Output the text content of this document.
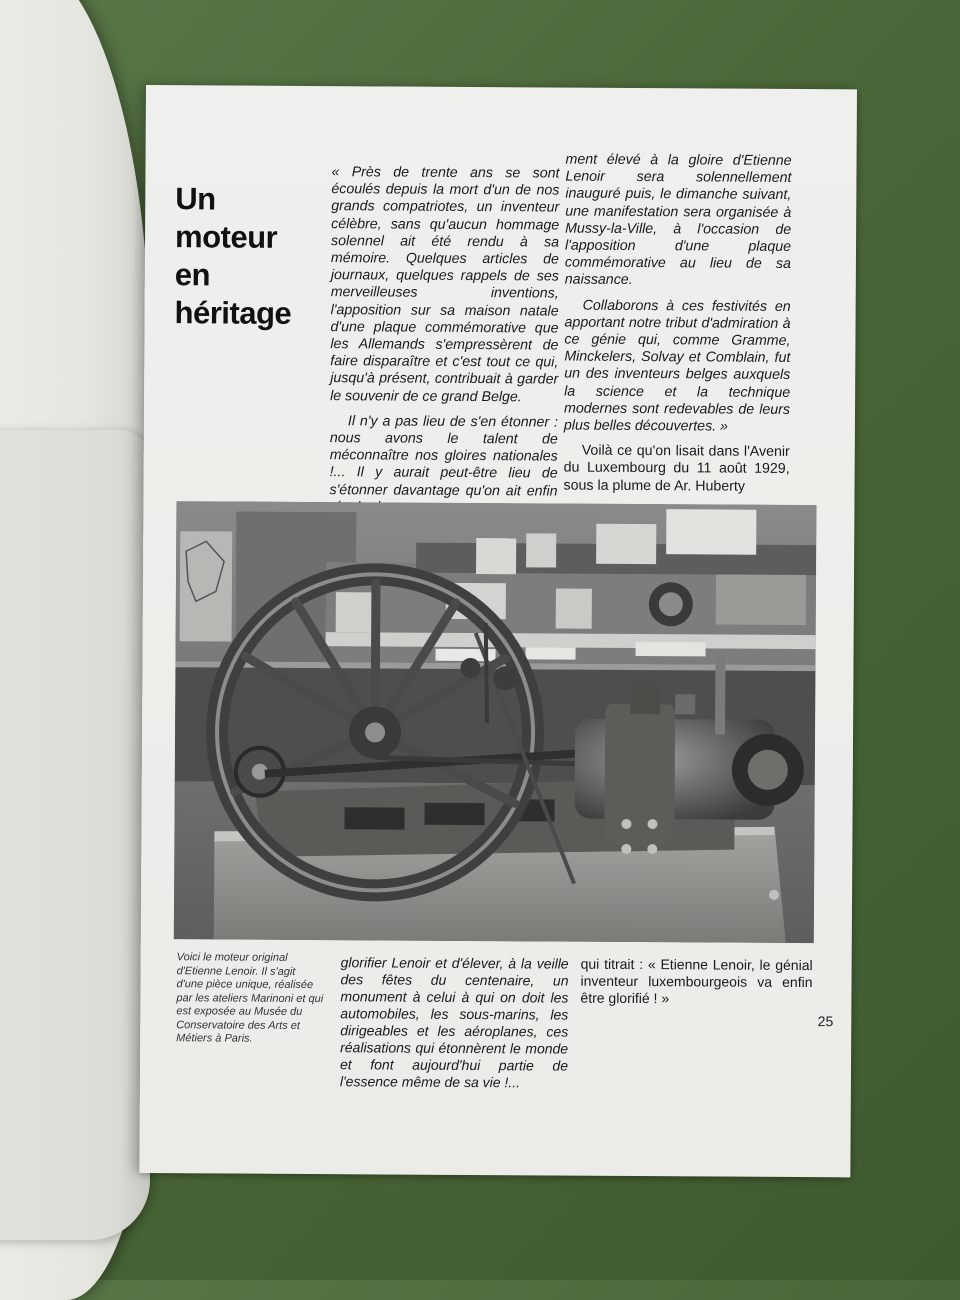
Un
moteur
en
héritage

« Près de trente ans se sont écoulés depuis la mort d'un de nos grands compatriotes, un inventeur célèbre, sans qu'aucun hommage solennel ait été rendu à sa mémoire. Quelques articles de journaux, quelques rappels de ses merveilleuses inventions, l'apposition sur sa maison natale d'une plaque commémorative que les Allemands s'empressèrent de faire disparaître et c'est tout ce qui, jusqu'à présent, contribuait à garder le souvenir de ce grand Belge.

Il n'y a pas lieu de s'en étonner : nous avons le talent de méconnaître nos gloires nationales !... Il y aurait peut-être lieu de s'étonner davantage qu'on ait enfin

ment élevé à la gloire d'Etienne Lenoir sera solennellement inauguré puis, le dimanche suivant, une manifestation sera organisée à Mussy-la-Ville, à l'occasion de l'apposition d'une plaque commémorative au lieu de sa naissance.

Collaborons à ces festivités en apportant notre tribut d'admiration à ce génie qui, comme Gramme, Minckelers, Solvay et Comblain, fut un des inventeurs belges auxquels la science et la technique modernes sont redevables de leurs plus belles découvertes. »

Voilà ce qu'on lisait dans l'Avenir du Luxembourg du 11 août 1929, sous la plume de Ar. Huberty

Voici le moteur original d'Etienne Lenoir. Il s'agit d'une pièce unique, réalisée par les ateliers Marinoni et qui est exposée au Musée du Conservatoire des Arts et Métiers à Paris.
glorifier Lenoir et d'élever, à la veille des fêtes du centenaire, un monument à celui à qui on doit les automobiles, les sous-marins, les dirigeables et les aéroplanes, ces réalisations qui étonnèrent le monde et font aujourd'hui partie de l'essence même de sa vie !...
qui titrait : « Etienne Lenoir, le génial inventeur luxembourgeois va enfin être glorifié ! »
25
